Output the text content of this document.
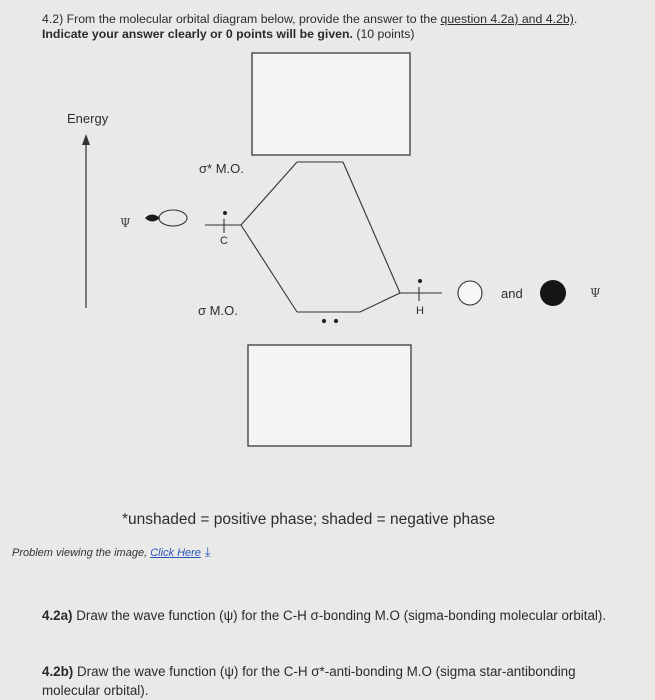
4.2) From the molecular orbital diagram below, provide the answer to the question 4.2a) and 4.2b).
Indicate your answer clearly or 0 points will be given. (10 points)
Energy
σ* M.O.
Ψ
C
σ M.O.	H
and	Ψ
*unshaded = positive phase; shaded = negative phase
Problem viewing the image, Click Here ⤓
4.2a) Draw the wave function (ψ) for the C-H σ-bonding M.O (sigma-bonding molecular orbital).
4.2b) Draw the wave function (ψ) for the C-H σ*-anti-bonding M.O (sigma star-antibonding molecular orbital).
